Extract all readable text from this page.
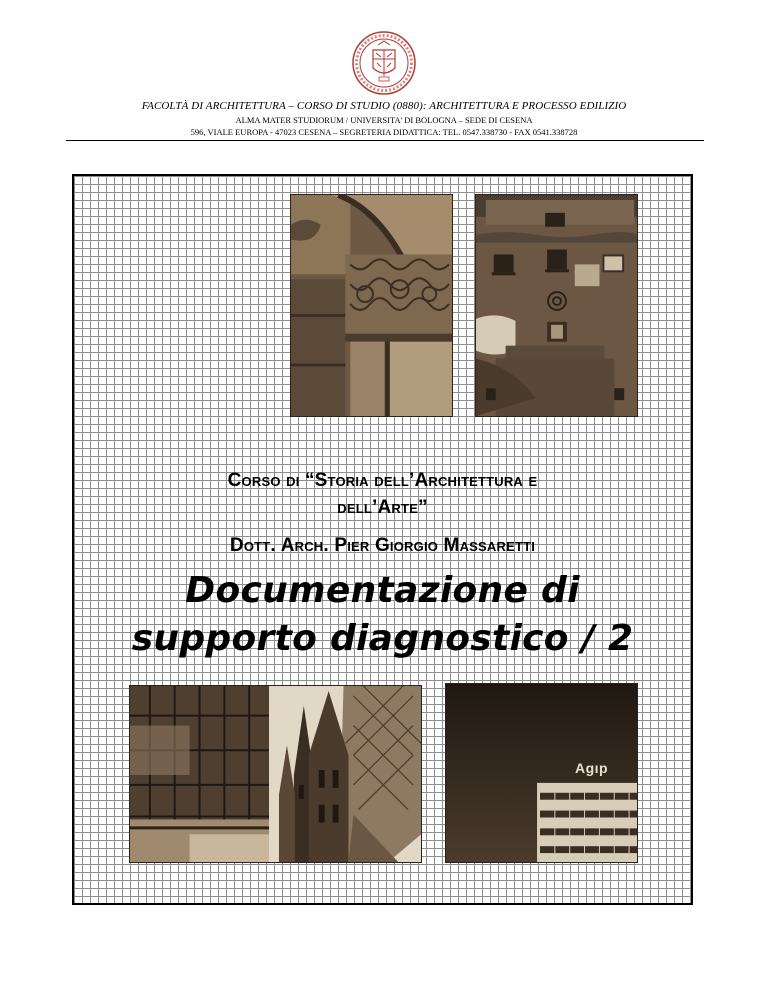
FACOLTÀ DI ARCHITETTURA – CORSO DI STUDIO (0880): ARCHITETTURA E PROCESSO EDILIZIO
ALMA MATER STUDIORUM / UNIVERSITA' DI BOLOGNA – SEDE DI CESENA
596, VIALE EUROPA - 47023 CESENA – SEGRETERIA DIDATTICA: TEL. 0547.338730 - FAX 0541.338728
Corso di “Storia dell’Architettura e
dell’Arte”
Dott. Arch. Pier Giorgio Massaretti
Documentazione di
supporto diagnostico / 2
Agıp
